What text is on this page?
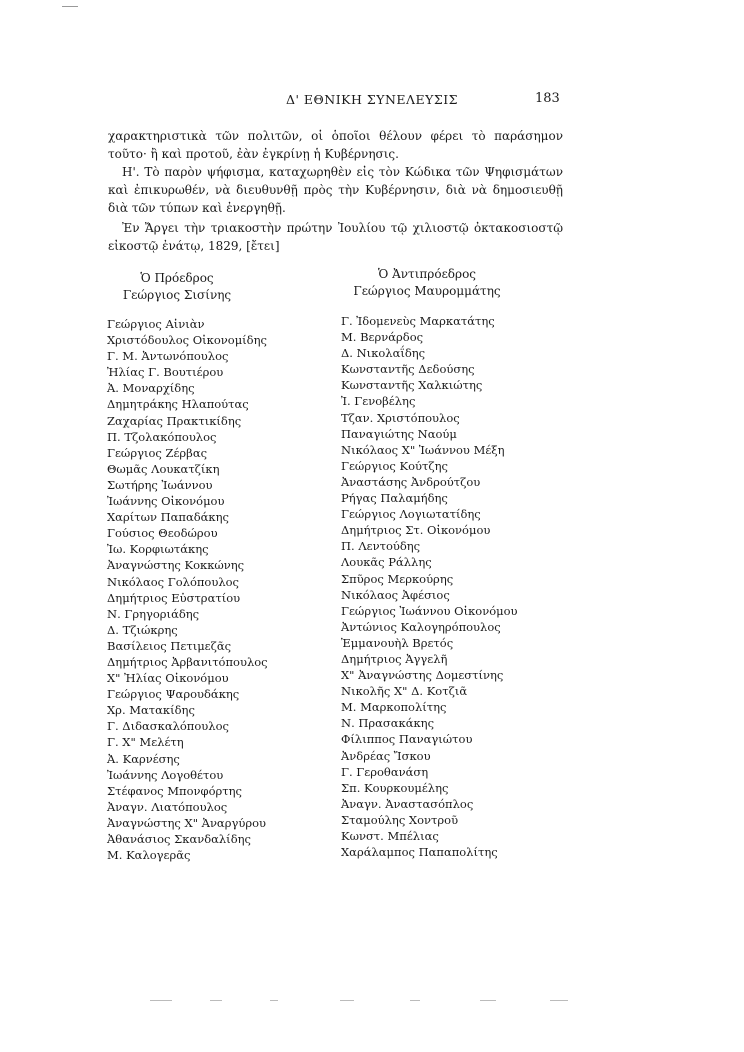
Δ' ΕΘΝΙΚΗ ΣΥΝΕΛΕΥΣΙΣ	183

χαρακτηριστικὰ τῶν πολιτῶν, οἱ ὁποῖοι θέλουν φέρει τὸ παράσημον τοῦτο· ἢ καὶ προτοῦ, ἐὰν ἐγκρίνῃ ἡ Κυβέρνησις.

Η'. Τὸ παρὸν ψήφισμα, καταχωρηθὲν εἰς τὸν Κώδικα τῶν Ψηφισμάτων καὶ ἐπικυρωθέν, νὰ διευθυνθῇ πρὸς τὴν Κυβέρνησιν, διὰ νὰ δημοσιευθῇ διὰ τῶν τύπων καὶ ἐνεργηθῇ.

Ἐν Ἄργει τὴν τριακοστὴν πρώτην Ἰουλίου τῷ χιλιοστῷ ὀκτακοσιοστῷ εἰκοστῷ ἐνάτῳ, 1829, [ἔτει]

Ὁ Πρόεδρος
Γεώργιος Σισίνης
Ὁ Ἀντιπρόεδρος
Γεώργιος Μαυρομμάτης
Γεώργιος Αἰνιὰν
Χριστόδουλος Οἰκονομίδης
Γ. Μ. Ἀντωνόπουλος
Ἠλίας Γ. Βουτιέρου
Ἀ. Μοναρχίδης
Δημητράκης Ηλαπούτας
Ζαχαρίας Πρακτικίδης
Π. Τζολακόπουλος
Γεώργιος Ζέρβας
Θωμᾶς Λουκατζίκη
Σωτήρης Ἰωάννου
Ἰωάννης Οἰκονόμου
Χαρίτων Παπαδάκης
Γούσιος Θεοδώρου
Ἰω. Κορφιωτάκης
Ἀναγνώστης Κοκκώνης
Νικόλαος Γολόπουλος
Δημήτριος Εὐστρατίου
Ν. Γρηγοριάδης
Δ. Τζιώκρης
Βασίλειος Πετιμεζᾶς
Δημήτριος Ἀρβανιτόπουλος
Χ" Ἠλίας Οἰκονόμου
Γεώργιος Ψαρουδάκης
Χρ. Ματακίδης
Γ. Διδασκαλόπουλος
Γ. Χ" Μελέτη
Ἀ. Καρνέσης
Ἰωάννης Λογοθέτου
Στέφανος Μπονφόρτης
Ἀναγν. Λιατόπουλος
Ἀναγνώστης Χ" Ἀναργύρου
Ἀθανάσιος Σκανδαλίδης
Μ. Καλογερᾶς
Γ. Ἰδομενεὺς Μαρκατάτης
Μ. Βερνάρδος
Δ. Νικολαΐδης
Κωνσταντῆς Δεδούσης
Κωνσταντῆς Χαλκιώτης
Ἰ. Γενοβέλης
Τζαν. Χριστόπουλος
Παναγιώτης Ναούμ
Νικόλαος Χ" Ἰωάννου Μέξη
Γεώργιος Κούτζης
Ἀναστάσης Ἀνδρούτζου
Ρήγας Παλαμήδης
Γεώργιος Λογιωτατίδης
Δημήτριος Στ. Οἰκονόμου
Π. Λεντούδης
Λουκᾶς Ράλλης
Σπῦρος Μερκούρης
Νικόλαος Ἀφέσιος
Γεώργιος Ἰωάννου Οἰκονόμου
Ἀντώνιος Καλογηρόπουλος
Ἐμμανουὴλ Βρετός
Δημήτριος Ἀγγελῆ
Χ" Ἀναγνώστης Δομεστίνης
Νικολῆς Χ" Δ. Κοτζιᾶ
Μ. Μαρκοπολίτης
Ν. Πρασακάκης
Φίλιππος Παναγιώτου
Ἀνδρέας Ἴσκου
Γ. Γεροθανάση
Σπ. Κουρκουμέλης
Ἀναγν. Ἀναστασόπλος
Σταμούλης Χοντροῦ
Κωνστ. Μπέλιας
Χαράλαμπος Παπαπολίτης
